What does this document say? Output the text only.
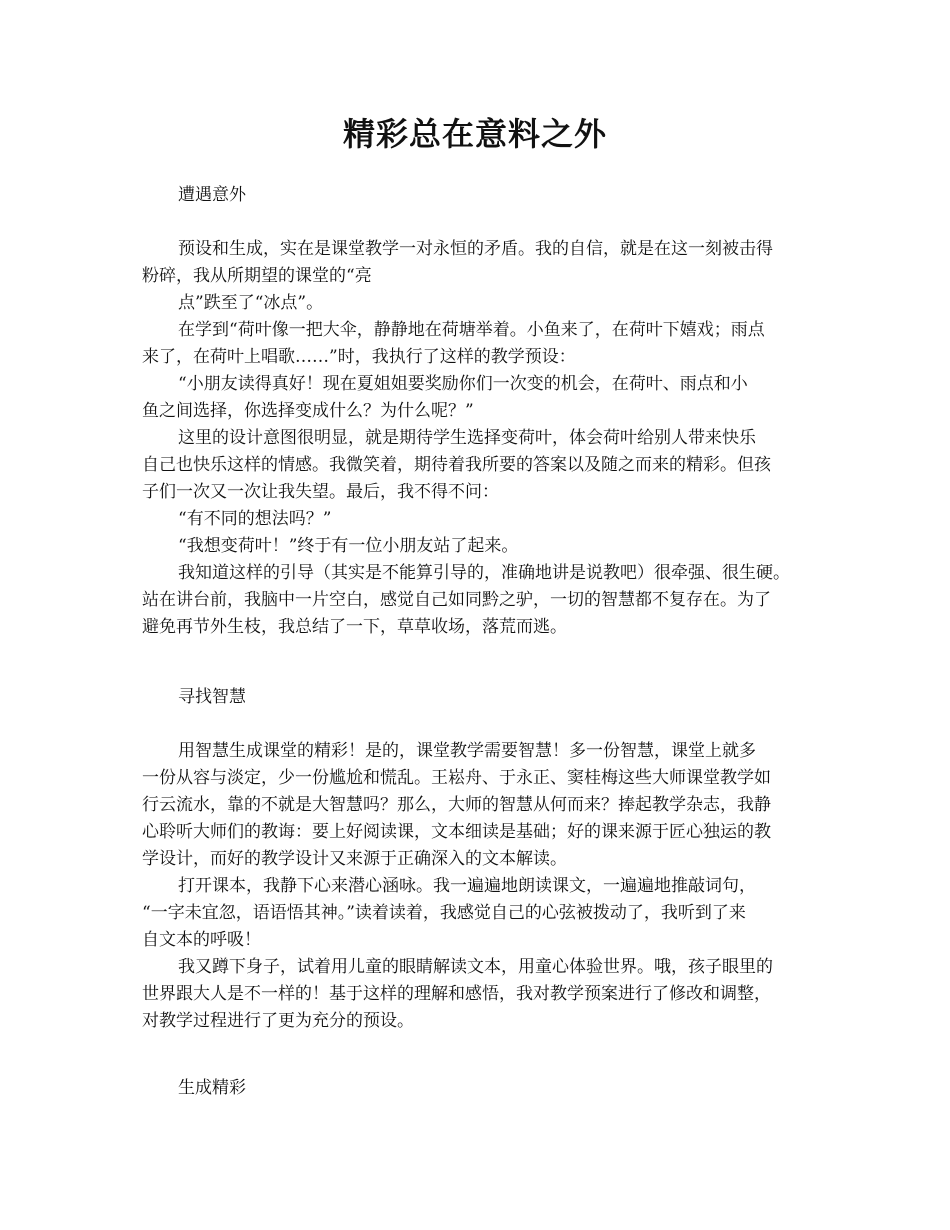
精彩总在意料之外
遭遇意外
预设和生成，实在是课堂教学一对永恒的矛盾。我的自信，就是在这一刻被击得
粉碎，我从所期望的课堂的“亮
点”跌至了“冰点”。
在学到“荷叶像一把大伞，静静地在荷塘举着。小鱼来了，在荷叶下嬉戏；雨点
来了，在荷叶上唱歌……”时，我执行了这样的教学预设：
“小朋友读得真好！现在夏姐姐要奖励你们一次变的机会，在荷叶、雨点和小
鱼之间选择，你选择变成什么？为什么呢？”
这里的设计意图很明显，就是期待学生选择变荷叶，体会荷叶给别人带来快乐
自己也快乐这样的情感。我微笑着，期待着我所要的答案以及随之而来的精彩。但孩
子们一次又一次让我失望。最后，我不得不问：
“有不同的想法吗？”
“我想变荷叶！”终于有一位小朋友站了起来。
我知道这样的引导（其实是不能算引导的，准确地讲是说教吧）很牵强、很生硬。
站在讲台前，我脑中一片空白，感觉自己如同黔之驴，一切的智慧都不复存在。为了
避免再节外生枝，我总结了一下，草草收场，落荒而逃。
寻找智慧
用智慧生成课堂的精彩！是的，课堂教学需要智慧！多一份智慧，课堂上就多
一份从容与淡定，少一份尴尬和慌乱。王崧舟、于永正、窦桂梅这些大师课堂教学如
行云流水，靠的不就是大智慧吗？那么，大师的智慧从何而来？捧起教学杂志，我静
心聆听大师们的教诲：要上好阅读课，文本细读是基础；好的课来源于匠心独运的教
学设计，而好的教学设计又来源于正确深入的文本解读。
打开课本，我静下心来潜心涵咏。我一遍遍地朗读课文，一遍遍地推敲词句，
“一字未宜忽，语语悟其神。”读着读着，我感觉自己的心弦被拨动了，我听到了来
自文本的呼吸！
我又蹲下身子，试着用儿童的眼睛解读文本，用童心体验世界。哦，孩子眼里的
世界跟大人是不一样的！基于这样的理解和感悟，我对教学预案进行了修改和调整，
对教学过程进行了更为充分的预设。
生成精彩
